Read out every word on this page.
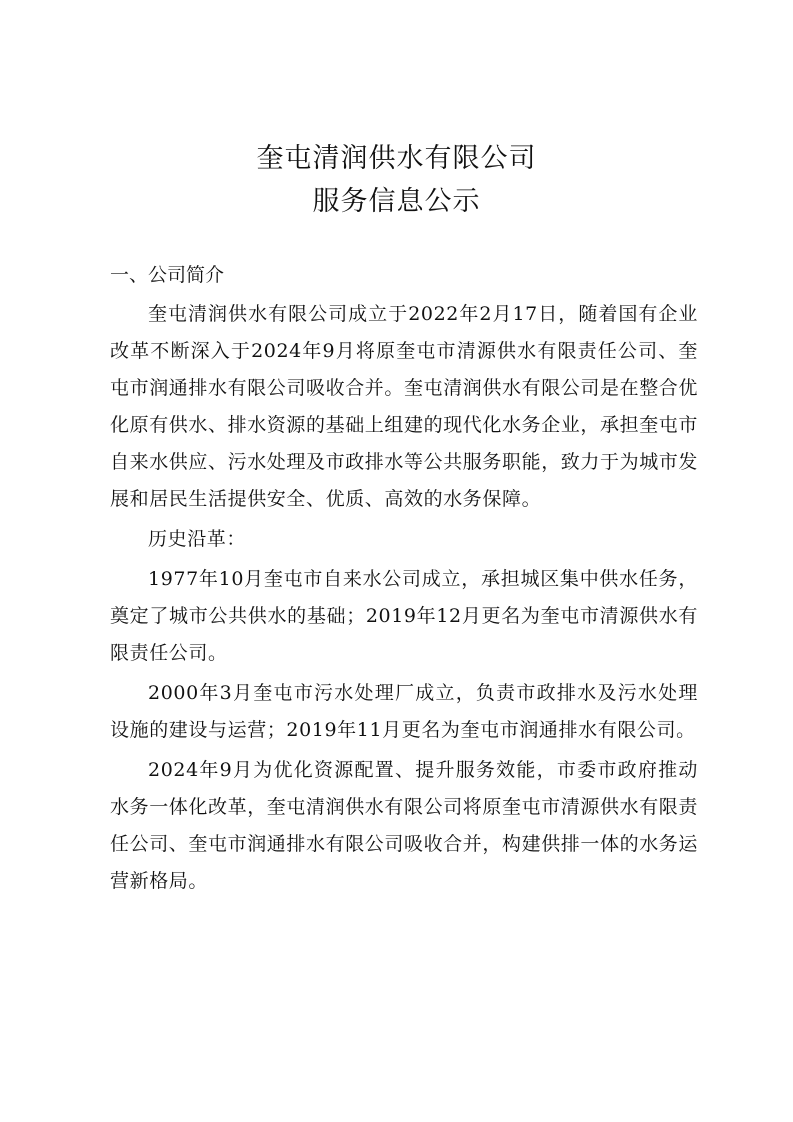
奎屯清润供水有限公司
服务信息公示
一、公司简介

奎屯清润供水有限公司成立于2022年2月17日，随着国有企业改革不断深入于2024年9月将原奎屯市清源供水有限责任公司、奎屯市润通排水有限公司吸收合并。奎屯清润供水有限公司是在整合优化原有供水、排水资源的基础上组建的现代化水务企业，承担奎屯市自来水供应、污水处理及市政排水等公共服务职能，致力于为城市发展和居民生活提供安全、优质、高效的水务保障。

历史沿革：

1977年10月奎屯市自来水公司成立，承担城区集中供水任务，奠定了城市公共供水的基础；2019年12月更名为奎屯市清源供水有限责任公司。

2000年3月奎屯市污水处理厂成立，负责市政排水及污水处理设施的建设与运营；2019年11月更名为奎屯市润通排水有限公司。

2024年9月为优化资源配置、提升服务效能，市委市政府推动水务一体化改革，奎屯清润供水有限公司将原奎屯市清源供水有限责任公司、奎屯市润通排水有限公司吸收合并，构建供排一体的水务运营新格局。
